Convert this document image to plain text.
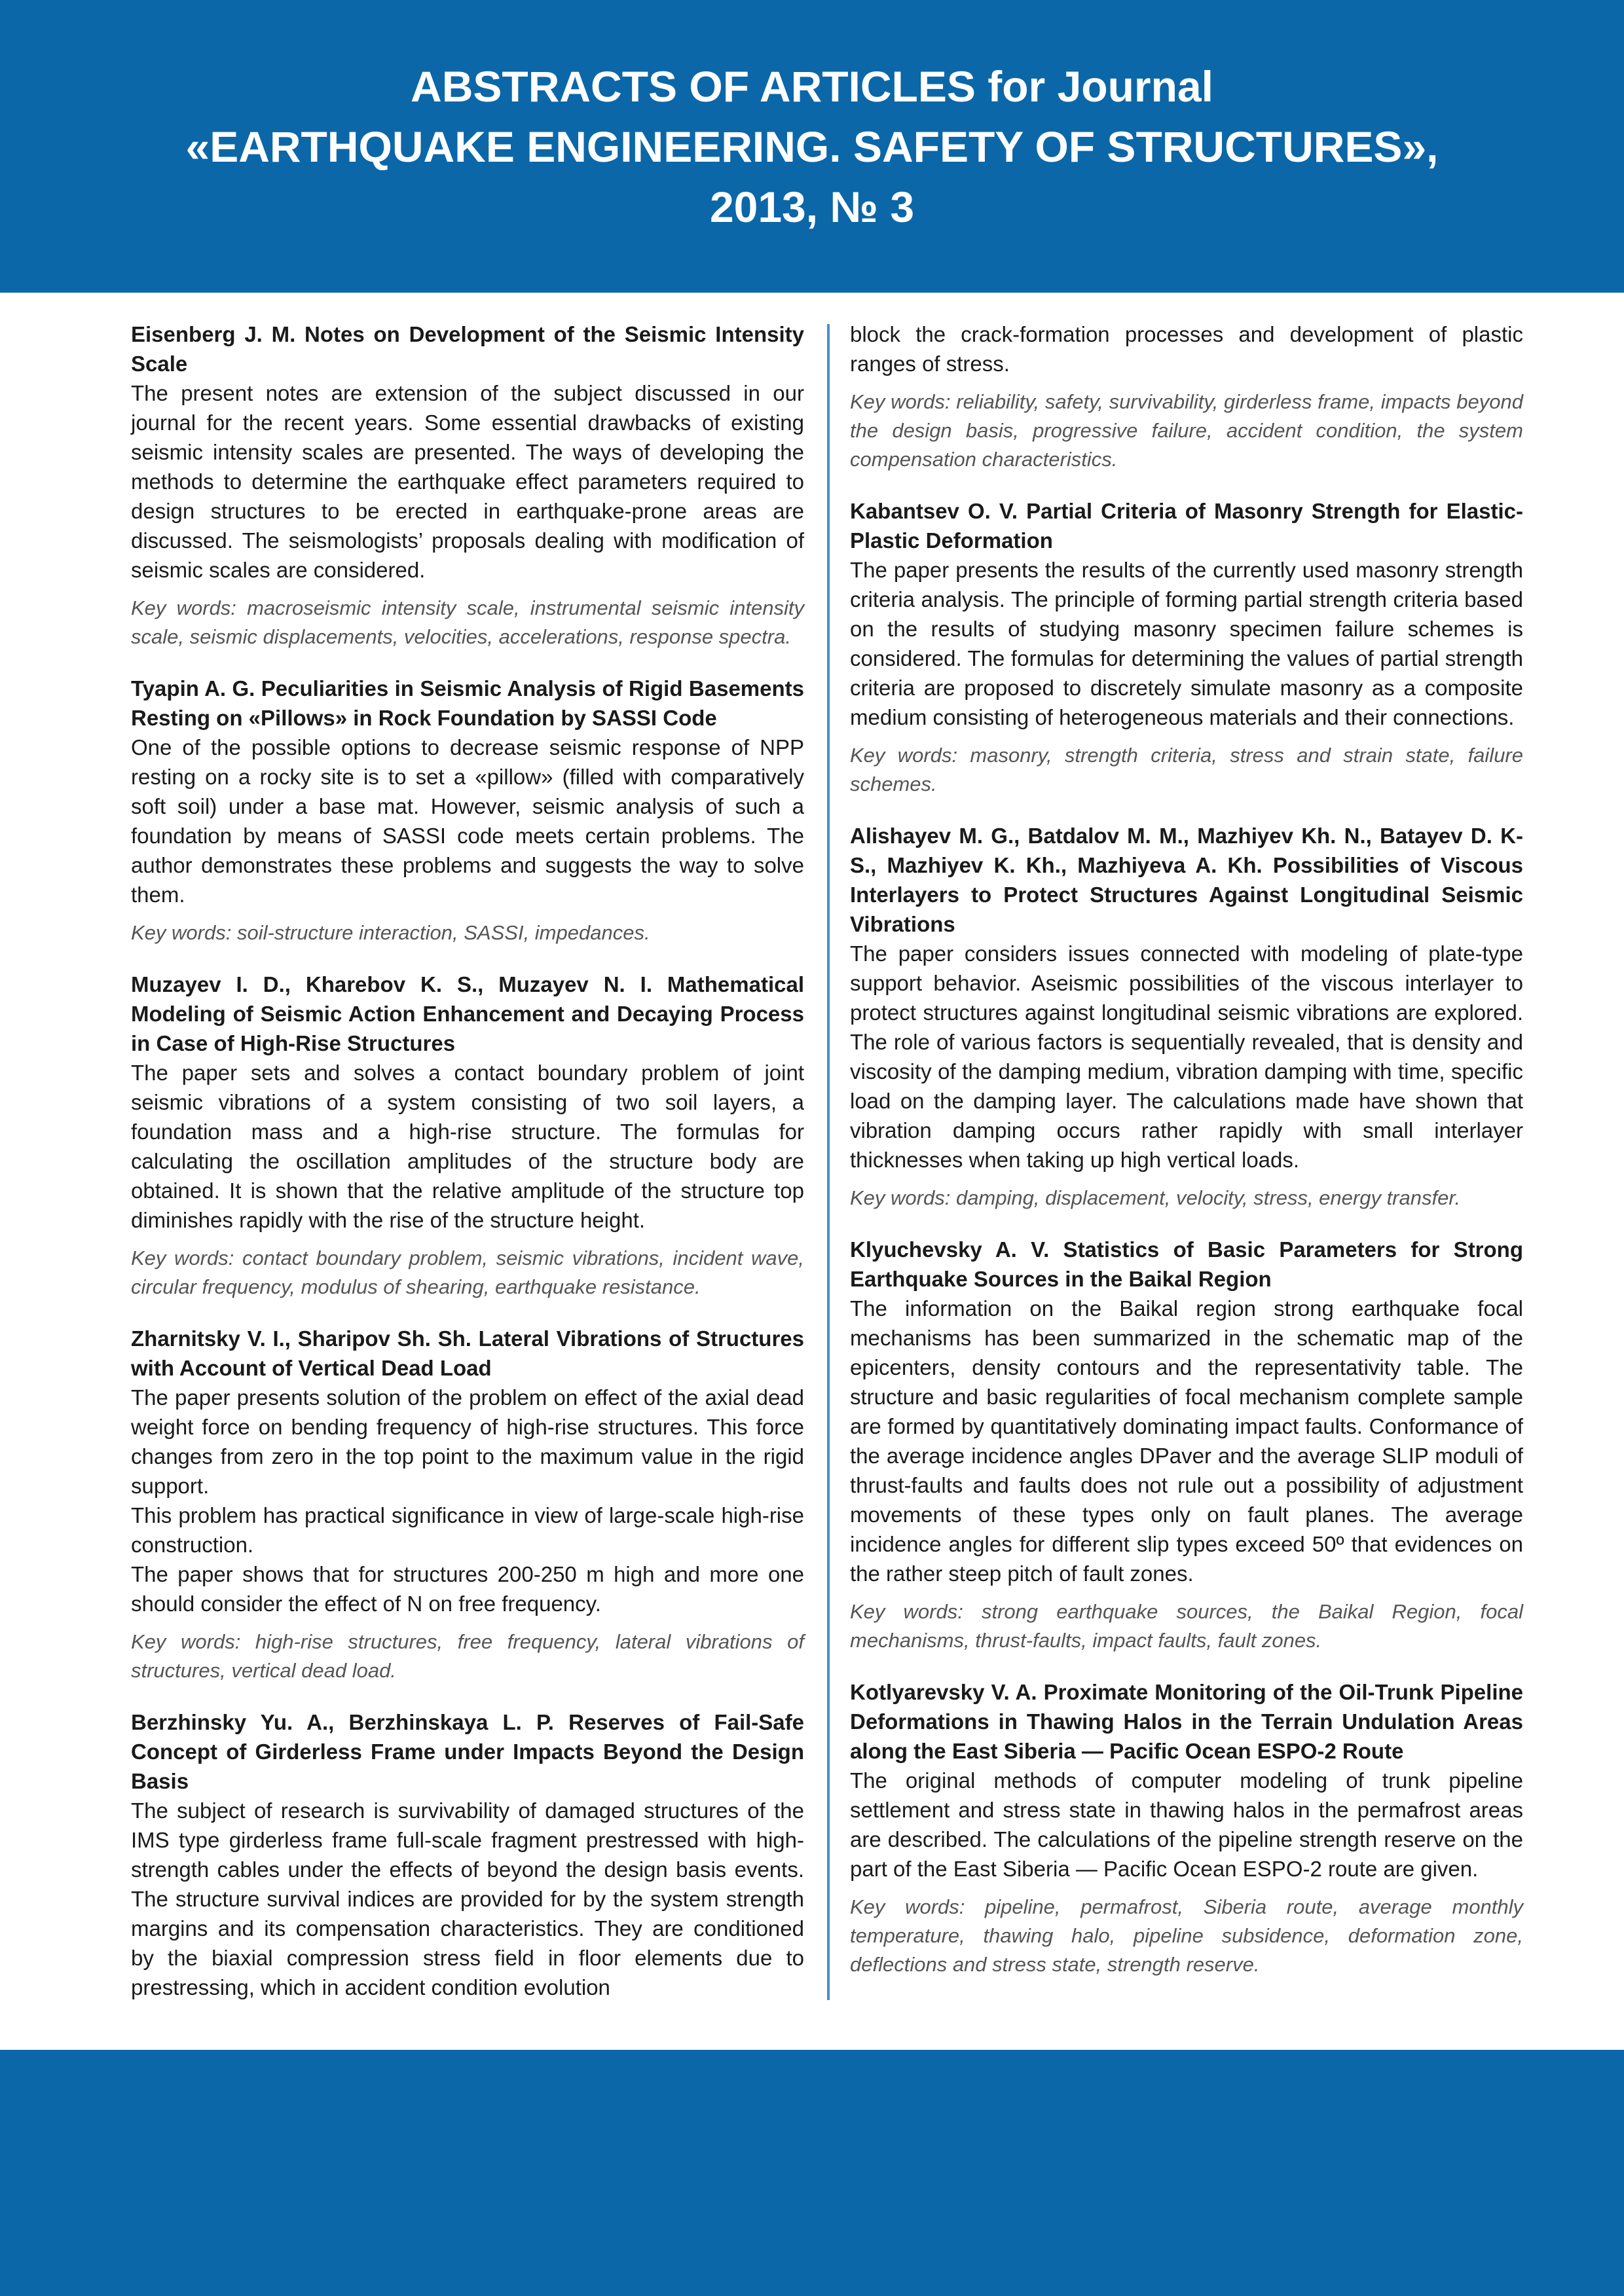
ABSTRACTS OF ARTICLES for Journal
«EARTHQUAKE ENGINEERING. SAFETY OF STRUCTURES»,
2013, № 3

Eisenberg J. M. Notes on Development of the Seismic Intensity Scale

The present notes are extension of the subject discussed in our journal for the recent years. Some essential drawbacks of existing seismic intensity scales are presented. The ways of developing the methods to determine the earthquake effect parameters required to design structures to be erected in earthquake-prone areas are discussed. The seismologists’ proposals dealing with modification of seismic scales are considered.

Key words: macroseismic intensity scale, instrumental seismic intensity scale, seismic displacements, velocities, accelerations, response spectra.

Tyapin A. G. Peculiarities in Seismic Analysis of Rigid Basements Resting on «Pillows» in Rock Foundation by SASSI Code

One of the possible options to decrease seismic response of NPP resting on a rocky site is to set a «pillow» (filled with comparatively soft soil) under a base mat. However, seismic analysis of such a foundation by means of SASSI code meets certain problems. The author demonstrates these problems and suggests the way to solve them.

Key words: soil-structure interaction, SASSI, impedances.

Muzayev I. D., Kharebov K. S., Muzayev N. I. Mathematical Modeling of Seismic Action Enhancement and Decaying Process in Case of High-Rise Structures

The paper sets and solves a contact boundary problem of joint seismic vibrations of a system consisting of two soil layers, a foundation mass and a high-rise structure. The formulas for calculating the oscillation amplitudes of the structure body are obtained. It is shown that the relative amplitude of the structure top diminishes rapidly with the rise of the structure height.

Key words: contact boundary problem, seismic vibrations, incident wave, circular frequency, modulus of shearing, earthquake resistance.

Zharnitsky V. I., Sharipov Sh. Sh. Lateral Vibrations of Structures with Account of Vertical Dead Load

The paper presents solution of the problem on effect of the axial dead weight force on bending frequency of high-rise structures. This force changes from zero in the top point to the maximum value in the rigid support.

This problem has practical significance in view of large-scale high-rise construction.

The paper shows that for structures 200-250 m high and more one should consider the effect of N on free frequency.

Key words: high-rise structures, free frequency, lateral vibrations of structures, vertical dead load.

Berzhinsky Yu. A., Berzhinskaya L. P. Reserves of Fail-Safe Concept of Girderless Frame under Impacts Beyond the Design Basis

The subject of research is survivability of damaged structures of the IMS type girderless frame full-scale fragment prestressed with high-strength cables under the effects of beyond the design basis events. The structure survival indices are provided for by the system strength margins and its compensation characteristics. They are conditioned by the biaxial compression stress field in floor elements due to prestressing, which in accident condition evolution

block the crack-formation processes and development of plastic ranges of stress.

Key words: reliability, safety, survivability, girderless frame, impacts beyond the design basis, progressive failure, accident condition, the system compensation characteristics.

Kabantsev O. V. Partial Criteria of Masonry Strength for Elastic-Plastic Deformation

The paper presents the results of the currently used masonry strength criteria analysis. The principle of forming partial strength criteria based on the results of studying masonry specimen failure schemes is considered. The formulas for determining the values of partial strength criteria are proposed to discretely simulate masonry as a composite medium consisting of heterogeneous materials and their connections.

Key words: masonry, strength criteria, stress and strain state, failure schemes.

Alishayev M. G., Batdalov M. M., Mazhiyev Kh. N., Batayev D. K-S., Mazhiyev K. Kh., Mazhiyeva A. Kh. Possibilities of Viscous Interlayers to Protect Structures Against Longitudinal Seismic Vibrations

The paper considers issues connected with modeling of plate-type support behavior. Aseismic possibilities of the viscous interlayer to protect structures against longitudinal seismic vibrations are explored. The role of various factors is sequentially revealed, that is density and viscosity of the damping medium, vibration damping with time, specific load on the damping layer. The calculations made have shown that vibration damping occurs rather rapidly with small interlayer thicknesses when taking up high vertical loads.

Key words: damping, displacement, velocity, stress, energy transfer.

Klyuchevsky A. V. Statistics of Basic Parameters for Strong Earthquake Sources in the Baikal Region

The information on the Baikal region strong earthquake focal mechanisms has been summarized in the schematic map of the epicenters, density contours and the representativity table. The structure and basic regularities of focal mechanism complete sample are formed by quantitatively dominating impact faults. Conformance of the average incidence angles DPaver and the average SLIP moduli of thrust-faults and faults does not rule out a possibility of adjustment movements of these types only on fault planes. The average incidence angles for different slip types exceed 50º that evidences on the rather steep pitch of fault zones.

Key words: strong earthquake sources, the Baikal Region, focal mechanisms, thrust-faults, impact faults, fault zones.

Kotlyarevsky V. A. Proximate Monitoring of the Oil-Trunk Pipeline Deformations in Thawing Halos in the Terrain Undulation Areas along the East Siberia — Pacific Ocean ESPO-2 Route

The original methods of computer modeling of trunk pipeline settlement and stress state in thawing halos in the permafrost areas are described. The calculations of the pipeline strength reserve on the part of the East Siberia — Pacific Ocean ESPO-2 route are given.

Key words: pipeline, permafrost, Siberia route, average monthly temperature, thawing halo, pipeline subsidence, deformation zone, deflections and stress state, strength reserve.
